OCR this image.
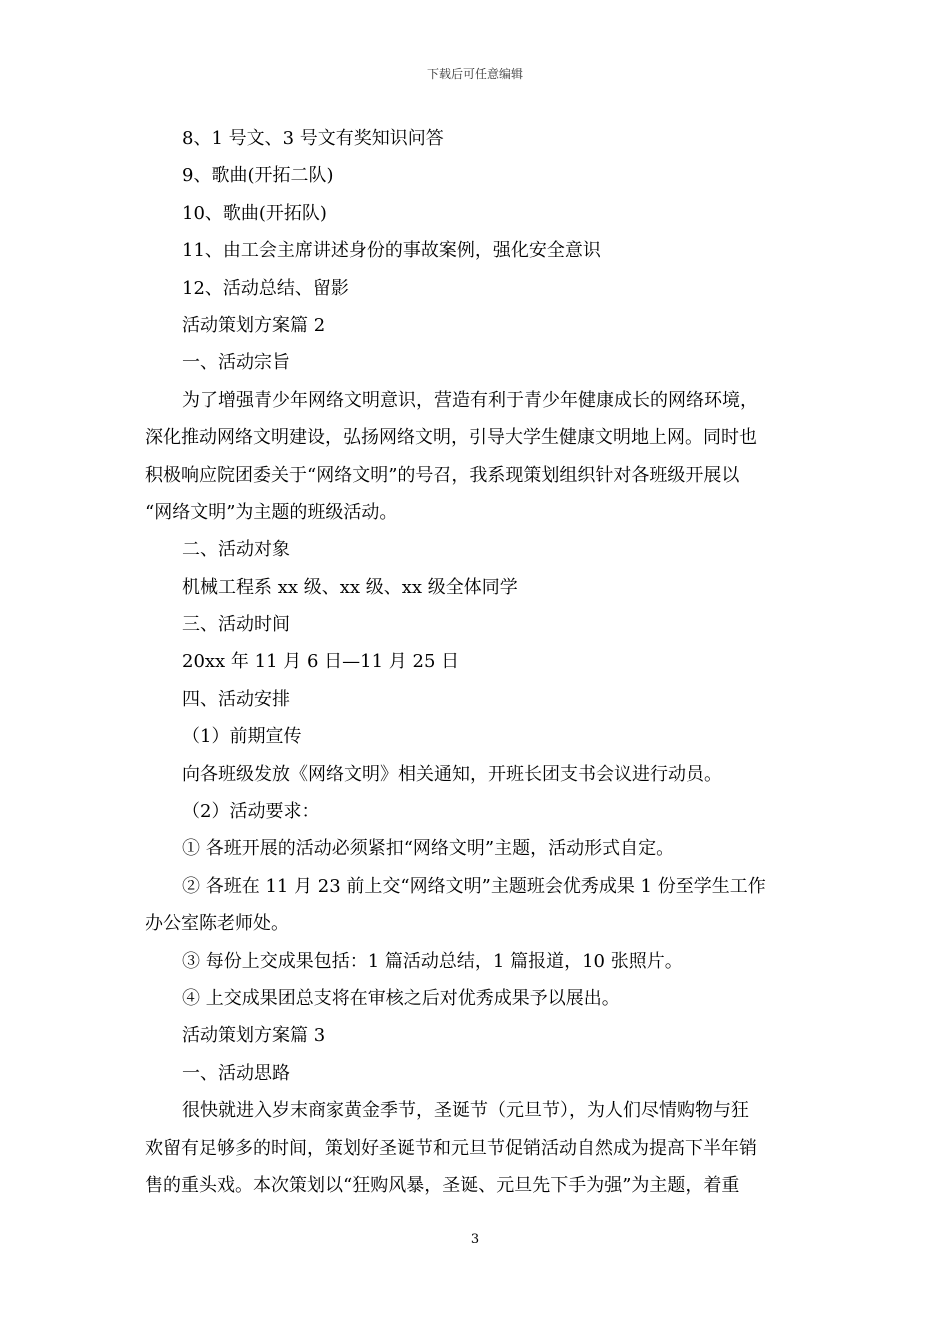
下载后可任意编辑
8、1 号文、3 号文有奖知识问答
9、歌曲(开拓二队)
10、歌曲(开拓队)
11、由工会主席讲述身份的事故案例，强化安全意识
12、活动总结、留影
活动策划方案篇 2
一、活动宗旨
为了增强青少年网络文明意识，营造有利于青少年健康成长的网络环境，
深化推动网络文明建设，弘扬网络文明，引导大学生健康文明地上网。同时也
积极响应院团委关于“网络文明”的号召，我系现策划组织针对各班级开展以
“网络文明”为主题的班级活动。
二、活动对象
机械工程系 xx 级、xx 级、xx 级全体同学
三、活动时间
20xx 年 11 月 6 日—11 月 25 日
四、活动安排
（1）前期宣传
向各班级发放《网络文明》相关通知，开班长团支书会议进行动员。
（2）活动要求：
① 各班开展的活动必须紧扣“网络文明”主题，活动形式自定。
② 各班在 11 月 23 前上交“网络文明”主题班会优秀成果 1 份至学生工作
办公室陈老师处。
③ 每份上交成果包括：1 篇活动总结，1 篇报道，10 张照片。
④ 上交成果团总支将在审核之后对优秀成果予以展出。
活动策划方案篇 3
一、活动思路
很快就进入岁末商家黄金季节，圣诞节（元旦节），为人们尽情购物与狂
欢留有足够多的时间，策划好圣诞节和元旦节促销活动自然成为提高下半年销
售的重头戏。本次策划以“狂购风暴，圣诞、元旦先下手为强”为主题，着重
3
